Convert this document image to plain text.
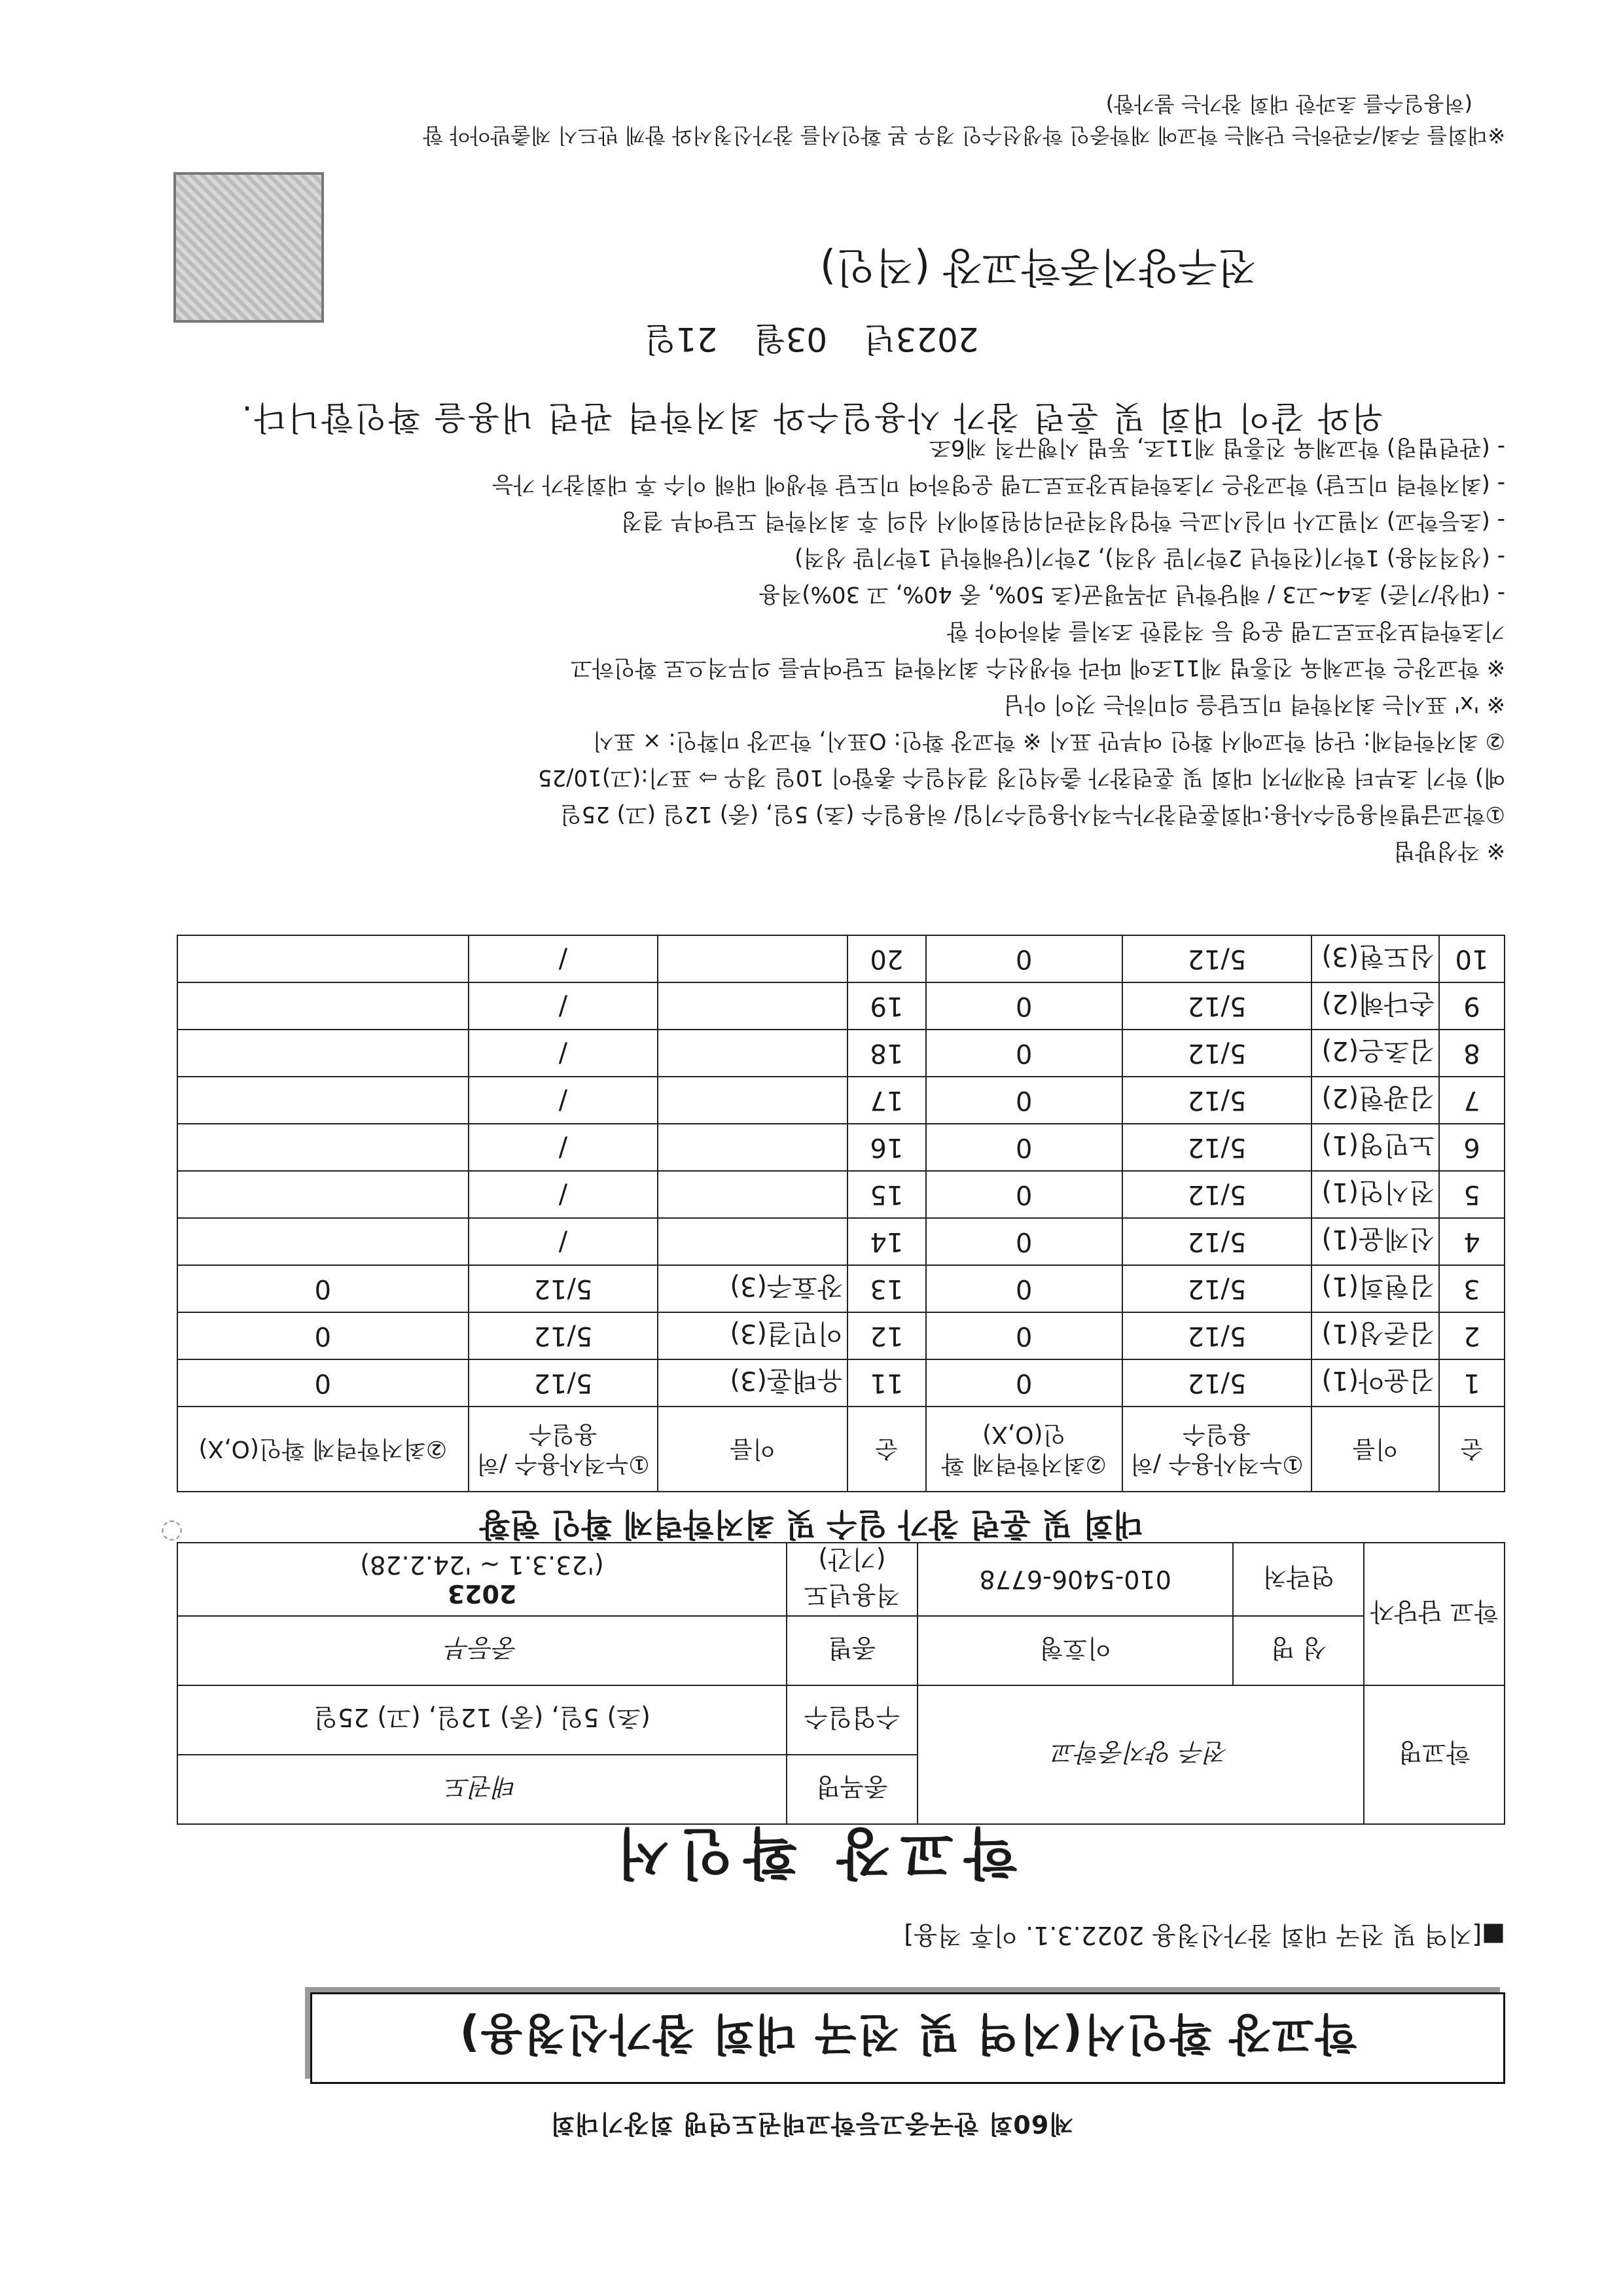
제60회 한국중고등학교태권도연맹 회장기대회
학교장 확인서(지역 및 전국 대회 참가신청용)
■[지역 및 전국 대회 참가신청용 2022.3.1. 이후 적용]
학교장 확인서
학교명	전주 양지중학교		종목명	태권도
			수업일수	(초) 5일, (중) 12일, (고) 25일
학교 담당자	성 명	이호형	종별	중등부
	연락처	010-5406-6778	적용년도 (기간)	2023
('23.3.1 ~ '24.2.28)
대회 및 훈련 참가 일수 및 최저학력제 확인 현황
◌
순	이름	①누적사용수 /허용일수	②최저학력제 확인(O,X)	순	이름	①누적사용수 /허용일수	②최저학력제 확인(O,X)
1	김윤아(1)	5/12	0	11	유태훈(3)	5/12	0
2	김준성(1)	5/12	0	12	이민결(3)	5/12	0
3	김현희(1)	5/12	0	13	장효주(3)	5/12	0
4	신제윤(1)	5/12	0	14		/	
5	전시언(1)	5/12	0	15		/	
6	노민영(1)	5/12	0	16		/	
7	김광현(2)	5/12	0	17		/	
8	김초은(2)	5/12	0	18		/	
9	손다혜(2)	5/12	0	19		/	
10	심도현(3)	5/12	0	20		/	
※ 작성방법
①학교급별허용일수사용:대회훈련참가누적사용일수기입/ 허용일수 (초) 5일, (중) 12일 (고) 25일
예) 학기 초부터 현재까지 대회 및 훈련참가 출석인정 결석일수 총합이 10일 경우 ⇨ 표기:(고)10/25
② 최저학력제: 단위 학교에서 확인 여부만 표시 ※ 학교장 확인: O표시, 학교장 미확인: × 표시
※ 'x' 표시는 최저학력 미도달을 의미하는 것이 아님
※ 학교장은 학교체육 진흥법 제11조에 따라 학생선수 최저학력 도달여부를 의무적으로 확인하고
기초학력보장프로그램 운영 등 적절한 조치를 취하여야 함
- (대상/기준) 초4~고3 / 해당학년 과목평균(초 50%, 중 40%, 고 30%)적용
- (성적적용) 1학기(전학년 2학기말 성적), 2학기(당해학년 1학기말 성적)
- (초등학교) 지필고사 미실시교는 학업성적관리위원회에서 심의 후 최저학력 도달여부 결정
- (최저학력 미도달) 학교장은 기초학력보장프로그램 운영하여 미도달 학생에 대해 이수 후 대회참가 가능
- (관련법령) 학교체육 진흥법 제11조, 동법 시행규칙 제6조
위와 같이 대회 및 훈련 참가 사용일수와 최저학력 관련 내용을 확인합니다.
2023년 03월 21일
전주양지중학교장 (직인)
※대회를 주최/주관하는 단체는 학교에 재학중인 학생선수인 경우 본 확인서를 참가신청서와 함께 반드시 제출받아야 함
(허용일수를 초과한 대회 참가는 불가함)
